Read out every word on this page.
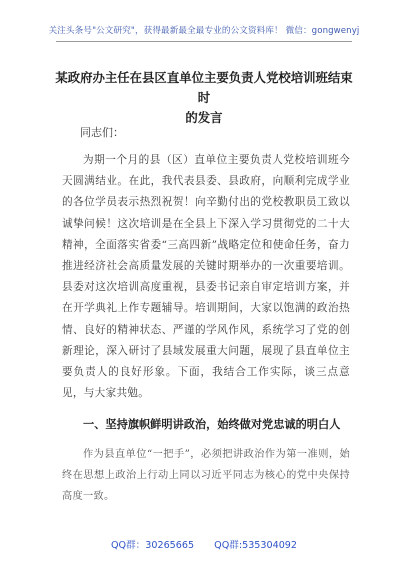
关注头条号"公文研究"，获得最新最全最专业的公文资料库！ 微信：gongwenyj
某政府办主任在县区直单位主要负责人党校培训班结束时
的发言
同志们：
为期一个月的县（区）直单位主要负责人党校培训班今天圆满结业。在此，我代表县委、县政府，向顺利完成学业的各位学员表示热烈祝贺！向辛勤付出的党校教职员工致以诚挚问候！这次培训是在全县上下深入学习贯彻党的二十大精神，全面落实省委“三高四新”战略定位和使命任务，奋力推进经济社会高质量发展的关键时期举办的一次重要培训。县委对这次培训高度重视，县委书记亲自审定培训方案，并在开学典礼上作专题辅导。培训期间，大家以饱满的政治热情、良好的精神状态、严谨的学风作风，系统学习了党的创新理论，深入研讨了县域发展重大问题，展现了县直单位主要负责人的良好形象。下面，我结合工作实际，谈三点意见，与大家共勉。
一、坚持旗帜鲜明讲政治，始终做对党忠诚的明白人
作为县直单位“一把手”，必须把讲政治作为第一准则，始终在思想上政治上行动上同以习近平同志为核心的党中央保持高度一致。
QQ群：30265665 QQ群:535304092
